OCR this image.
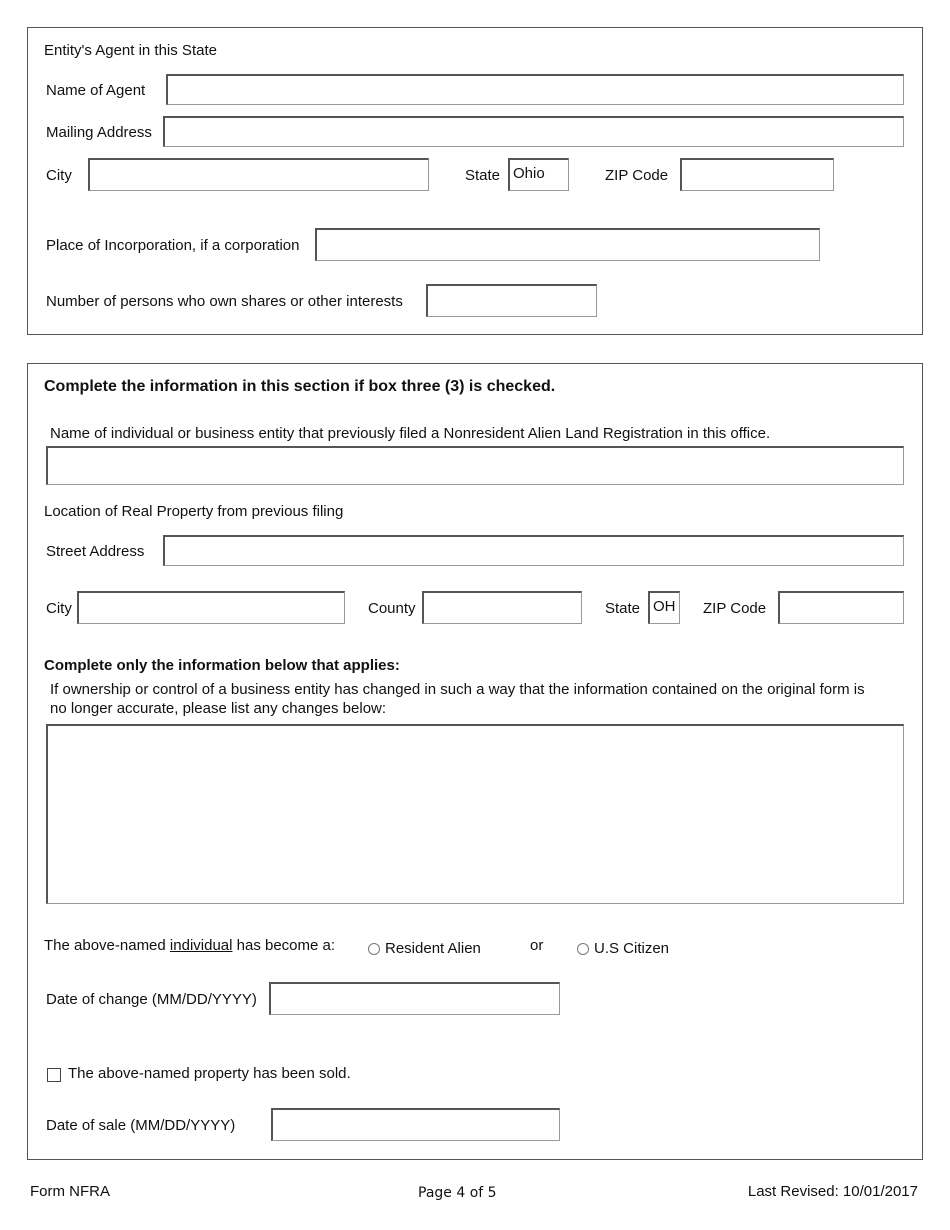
Entity's Agent in this State
Name of Agent
Mailing Address
City	State Ohio	ZIP Code
Place of Incorporation, if a corporation
Number of persons who own shares or other interests
Complete the information in this section if box three (3) is checked.
Name of individual or business entity that previously filed a Nonresident Alien Land Registration in this office.
Location of Real Property from previous filing
Street Address
City	County	State OH	ZIP Code
Complete only the information below that applies:
If ownership or control of a business entity has changed in such a way that the information contained on the original form is
no longer accurate, please list any changes below:
The above-named individual has become a:	Resident Alien	or	U.S Citizen
Date of change (MM/DD/YYYY)
The above-named property has been sold.
Date of sale (MM/DD/YYYY)
Form NFRA	Page 4 of 5	Last Revised: 10/01/2017
